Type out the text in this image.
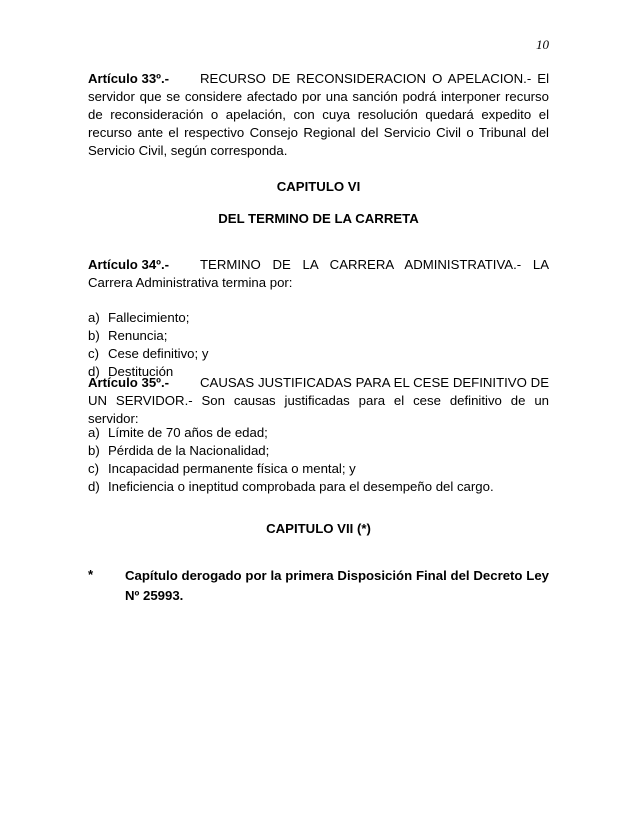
10
Artículo 33º.- RECURSO DE RECONSIDERACION O APELACION.- El servidor que se considere afectado por una sanción podrá interponer recurso de reconsideración o apelación, con cuya resolución quedará expedito el recurso ante el respectivo Consejo Regional del Servicio Civil o Tribunal del Servicio Civil, según corresponda.
CAPITULO VI
DEL TERMINO DE LA CARRETA
Artículo 34º.- TERMINO DE LA CARRERA ADMINISTRATIVA.- LA Carrera Administrativa termina por:
a) Fallecimiento;
b) Renuncia;
c) Cese definitivo; y
d) Destitución
Artículo 35º.- CAUSAS JUSTIFICADAS PARA EL CESE DEFINITIVO DE UN SERVIDOR.- Son causas justificadas para el cese definitivo de un servidor:
a) Límite de 70 años de edad;
b) Pérdida de la Nacionalidad;
c) Incapacidad permanente física o mental; y
d) Ineficiencia o ineptitud comprobada para el desempeño del cargo.
CAPITULO VII (*)
*	Capítulo derogado por la primera Disposición Final del Decreto Ley Nº 25993.
